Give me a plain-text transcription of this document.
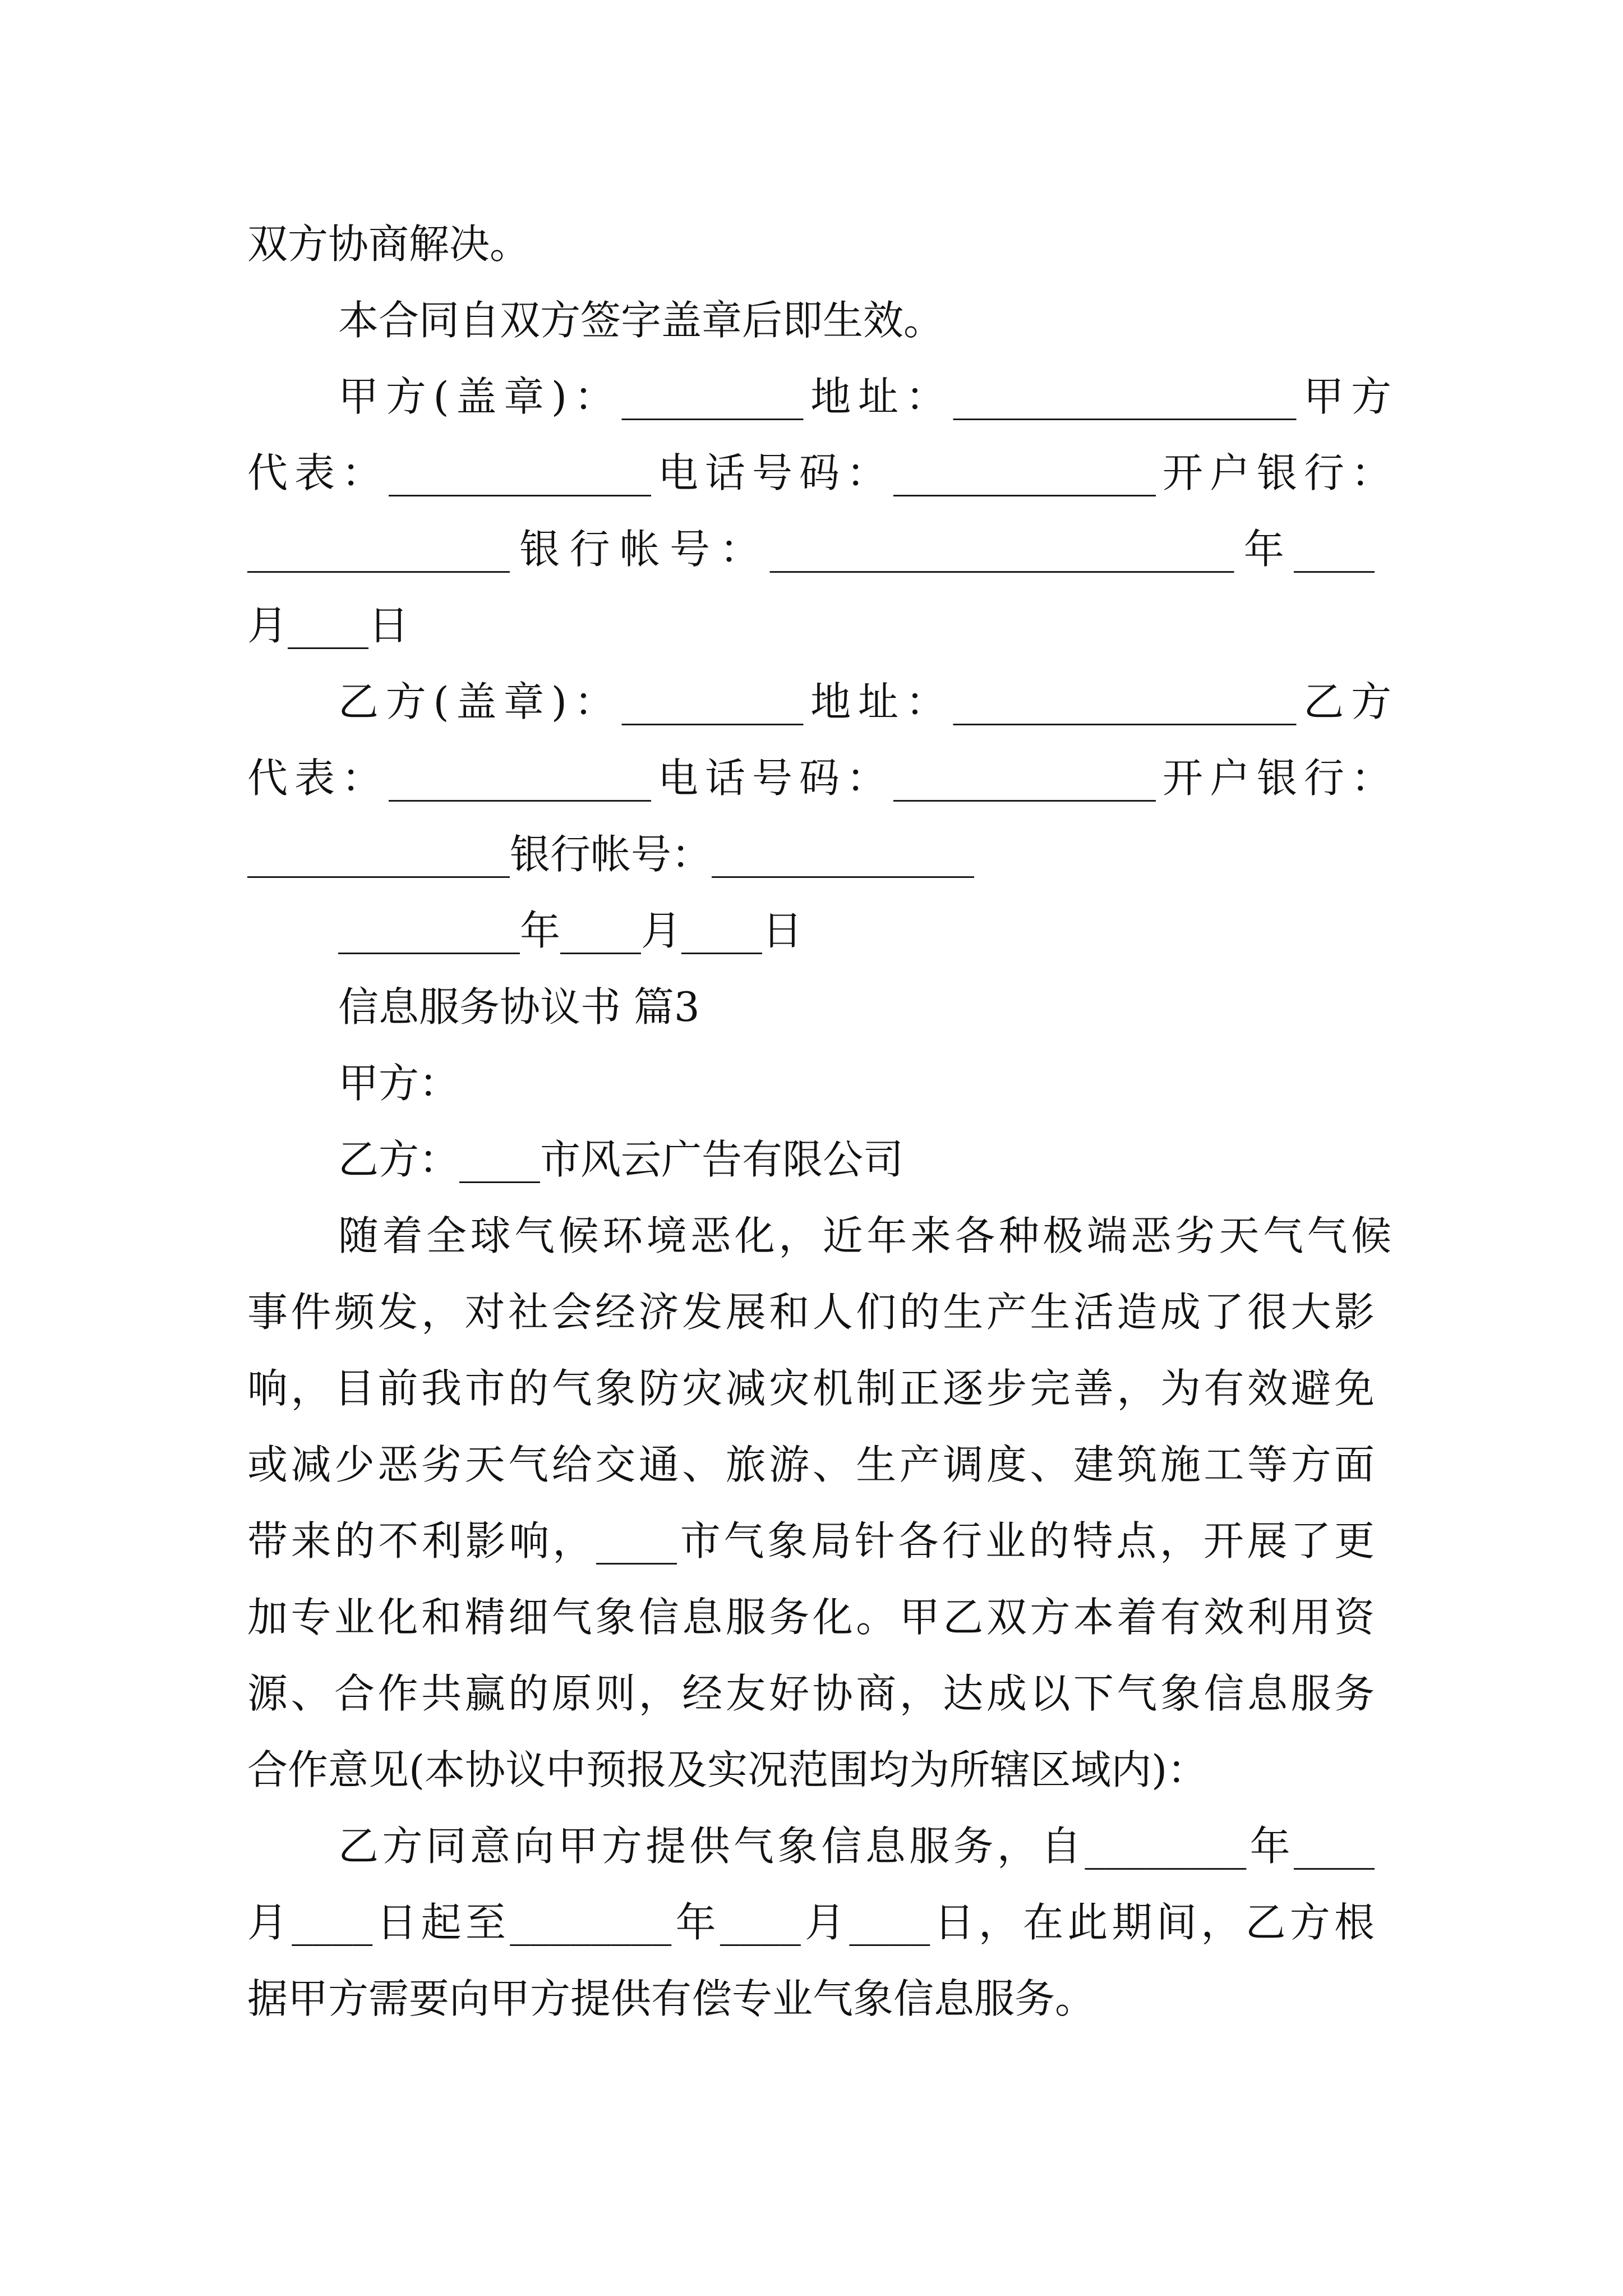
双方协商解决。
本合同自双方签字盖章后即生效。
甲方(盖章)：_________地址：_________________甲方
代表：_____________电话号码：_____________开户银行：
_____________银行帐号：_______________________年____
月____日
乙方(盖章)：_________地址：_________________乙方
代表：_____________电话号码：_____________开户银行：
_____________银行帐号：_____________
_________年____月____日
信息服务协议书 篇3
甲方：
乙方：____市风云广告有限公司
随着全球气候环境恶化，近年来各种极端恶劣天气气候
事件频发，对社会经济发展和人们的生产生活造成了很大影
响，目前我市的气象防灾减灾机制正逐步完善，为有效避免
或减少恶劣天气给交通、旅游、生产调度、建筑施工等方面
带来的不利影响，____市气象局针各行业的特点，开展了更
加专业化和精细气象信息服务化。甲乙双方本着有效利用资
源、合作共赢的原则，经友好协商，达成以下气象信息服务
合作意见(本协议中预报及实况范围均为所辖区域内)：
乙方同意向甲方提供气象信息服务，自________年____
月____日起至________年____月____日，在此期间，乙方根
据甲方需要向甲方提供有偿专业气象信息服务。
